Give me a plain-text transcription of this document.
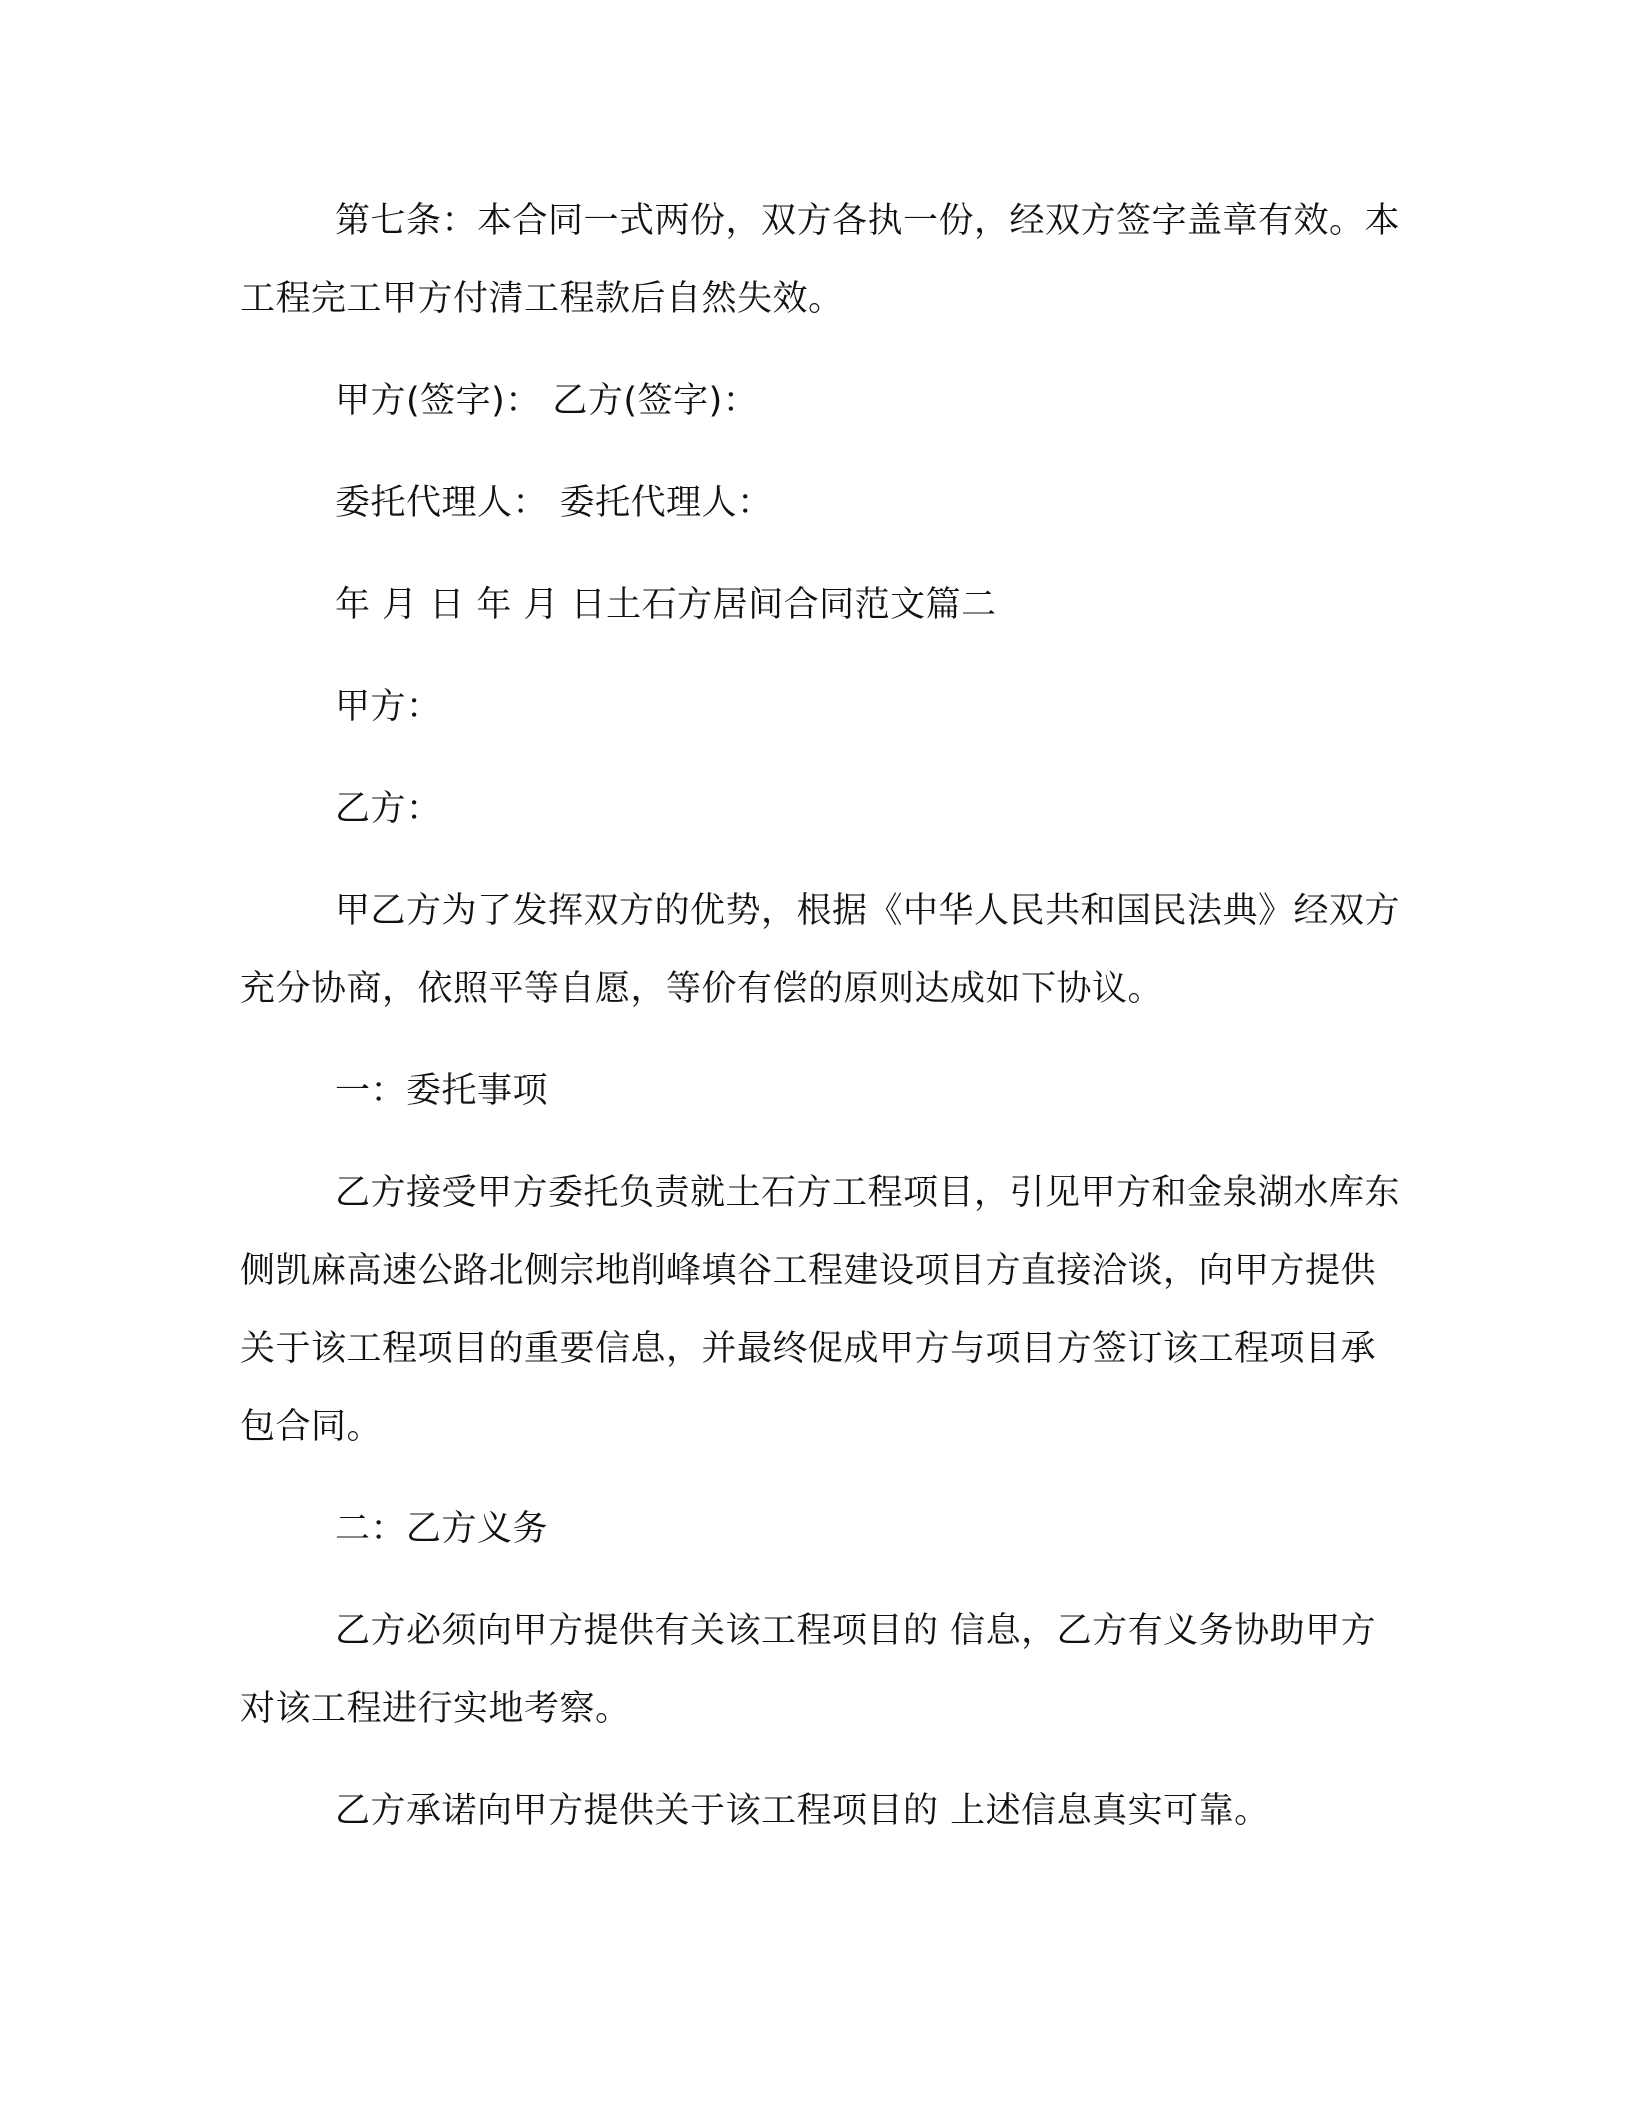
第七条：本合同一式两份，双方各执一份，经双方签字盖章有效。本工程完工甲方付清工程款后自然失效。

甲方(签字)： 乙方(签字)：

委托代理人： 委托代理人：

年 月 日 年 月 日土石方居间合同范文篇二

甲方：

乙方：

甲乙方为了发挥双方的优势，根据《中华人民共和国民法典》经双方充分协商，依照平等自愿，等价有偿的原则达成如下协议。

一：委托事项

乙方接受甲方委托负责就土石方工程项目，引见甲方和金泉湖水库东侧凯麻高速公路北侧宗地削峰填谷工程建设项目方直接洽谈，向甲方提供关于该工程项目的重要信息，并最终促成甲方与项目方签订该工程项目承包合同。

二：乙方义务

乙方必须向甲方提供有关该工程项目的 信息，乙方有义务协助甲方对该工程进行实地考察。

乙方承诺向甲方提供关于该工程项目的 上述信息真实可靠。
